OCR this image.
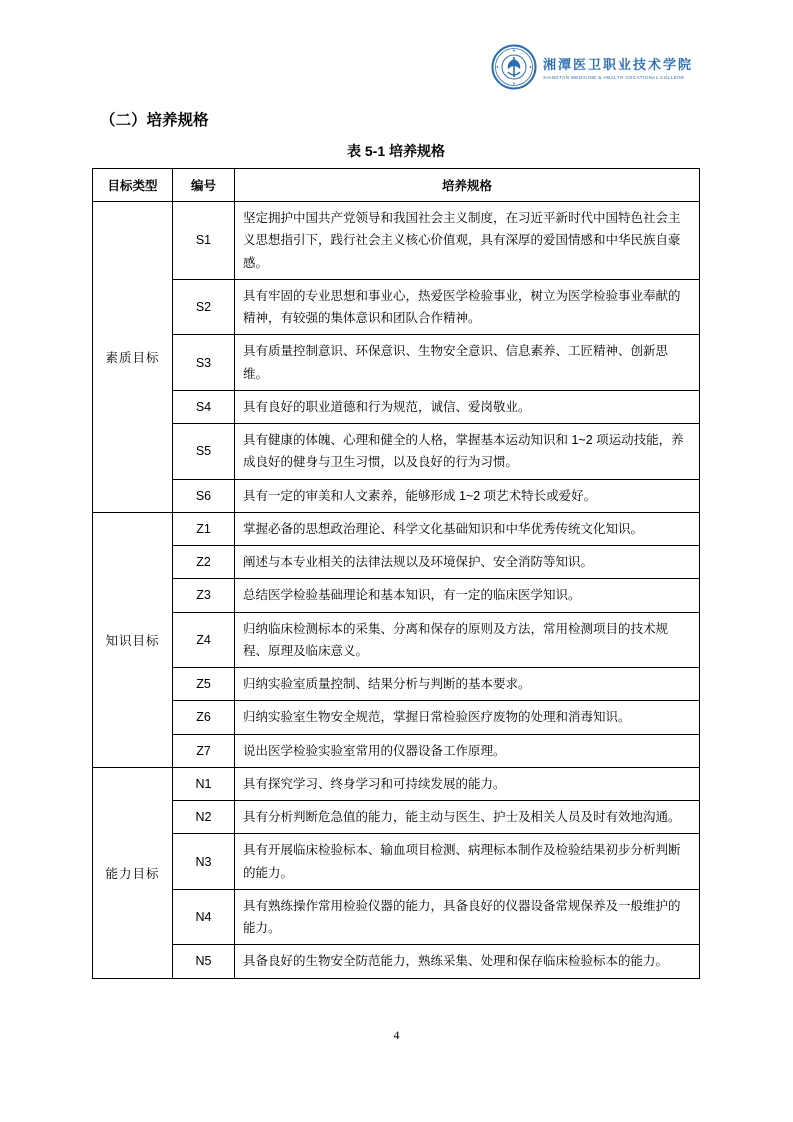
湘潭医卫职业技术学院
XIANGTAN MEDICINE & HEALTH VOCATIONAL COLLEGE
（二）培养规格
表 5-1 培养规格
目标类型	编号	培养规格
素质目标	S1	坚定拥护中国共产党领导和我国社会主义制度，在习近平新时代中国特色社会主义思想指引下，践行社会主义核心价值观，具有深厚的爱国情感和中华民族自豪感。
	S2	具有牢固的专业思想和事业心，热爱医学检验事业，树立为医学检验事业奉献的精神，有较强的集体意识和团队合作精神。
	S3	具有质量控制意识、环保意识、生物安全意识、信息素养、工匠精神、创新思维。
	S4	具有良好的职业道德和行为规范，诚信、爱岗敬业。
	S5	具有健康的体魄、心理和健全的人格，掌握基本运动知识和 1~2 项运动技能，养成良好的健身与卫生习惯，以及良好的行为习惯。
	S6	具有一定的审美和人文素养，能够形成 1~2 项艺术特长或爱好。
知识目标	Z1	掌握必备的思想政治理论、科学文化基础知识和中华优秀传统文化知识。
	Z2	阐述与本专业相关的法律法规以及环境保护、安全消防等知识。
	Z3	总结医学检验基础理论和基本知识，有一定的临床医学知识。
	Z4	归纳临床检测标本的采集、分离和保存的原则及方法，常用检测项目的技术规程、原理及临床意义。
	Z5	归纳实验室质量控制、结果分析与判断的基本要求。
	Z6	归纳实验室生物安全规范，掌握日常检验医疗废物的处理和消毒知识。
	Z7	说出医学检验实验室常用的仪器设备工作原理。
能力目标	N1	具有探究学习、终身学习和可持续发展的能力。
	N2	具有分析判断危急值的能力，能主动与医生、护士及相关人员及时有效地沟通。
	N3	具有开展临床检验标本、输血项目检测、病理标本制作及检验结果初步分析判断的能力。
	N4	具有熟练操作常用检验仪器的能力，具备良好的仪器设备常规保养及一般维护的能力。
	N5	具备良好的生物安全防范能力，熟练采集、处理和保存临床检验标本的能力。
4
